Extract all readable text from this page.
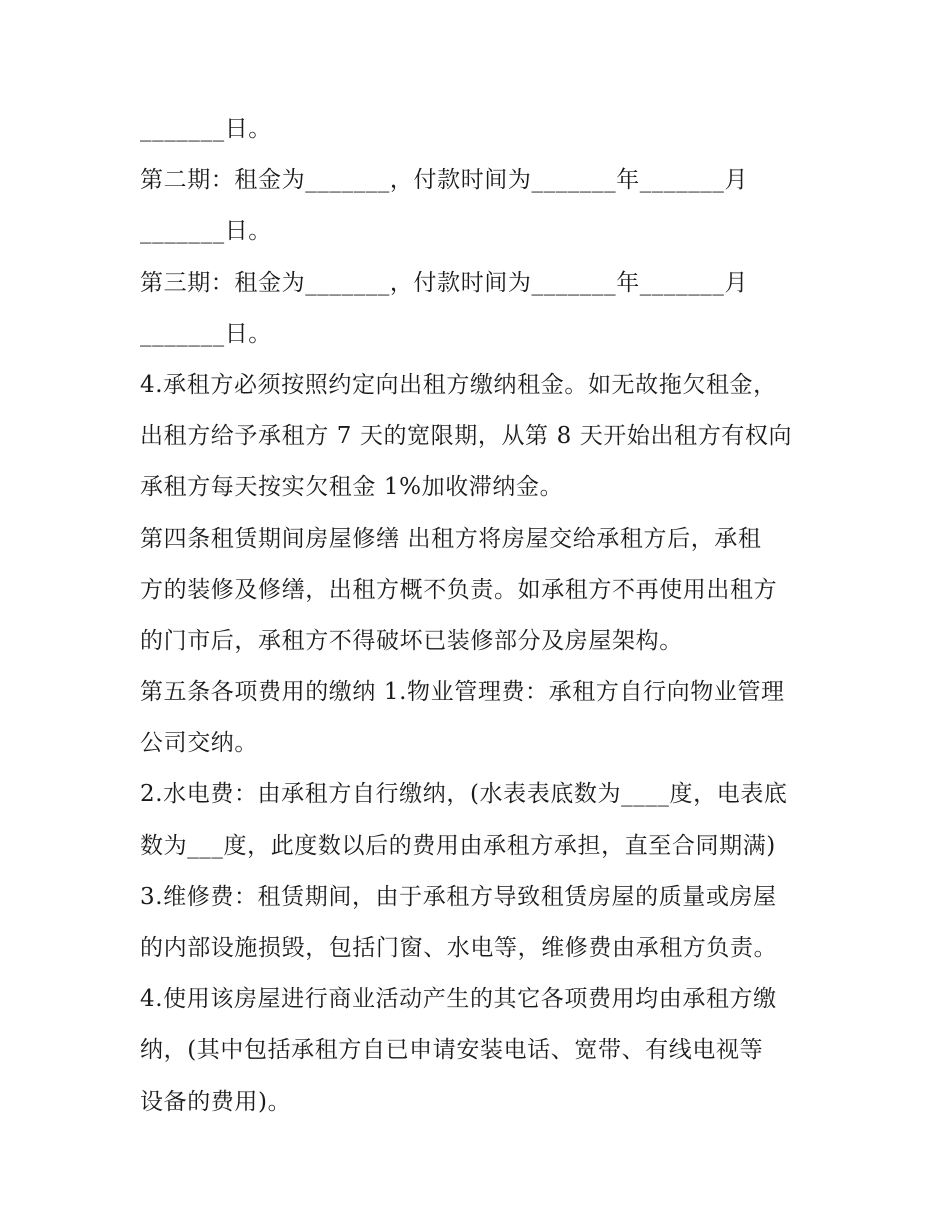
_______日。
第二期：租金为_______，付款时间为_______年_______月
_______日。
第三期：租金为_______，付款时间为_______年_______月
_______日。
4.承租方必须按照约定向出租方缴纳租金。如无故拖欠租金，
出租方给予承租方 7 天的宽限期，从第 8 天开始出租方有权向
承租方每天按实欠租金 1%加收滞纳金。
第四条租赁期间房屋修缮 出租方将房屋交给承租方后，承租
方的装修及修缮，出租方概不负责。如承租方不再使用出租方
的门市后，承租方不得破坏已装修部分及房屋架构。
第五条各项费用的缴纳 1.物业管理费：承租方自行向物业管理
公司交纳。
2.水电费：由承租方自行缴纳，(水表表底数为____度，电表底
数为___度，此度数以后的费用由承租方承担，直至合同期满)
3.维修费：租赁期间，由于承租方导致租赁房屋的质量或房屋
的内部设施损毁，包括门窗、水电等，维修费由承租方负责。
4.使用该房屋进行商业活动产生的其它各项费用均由承租方缴
纳，(其中包括承租方自已申请安装电话、宽带、有线电视等
设备的费用)。
